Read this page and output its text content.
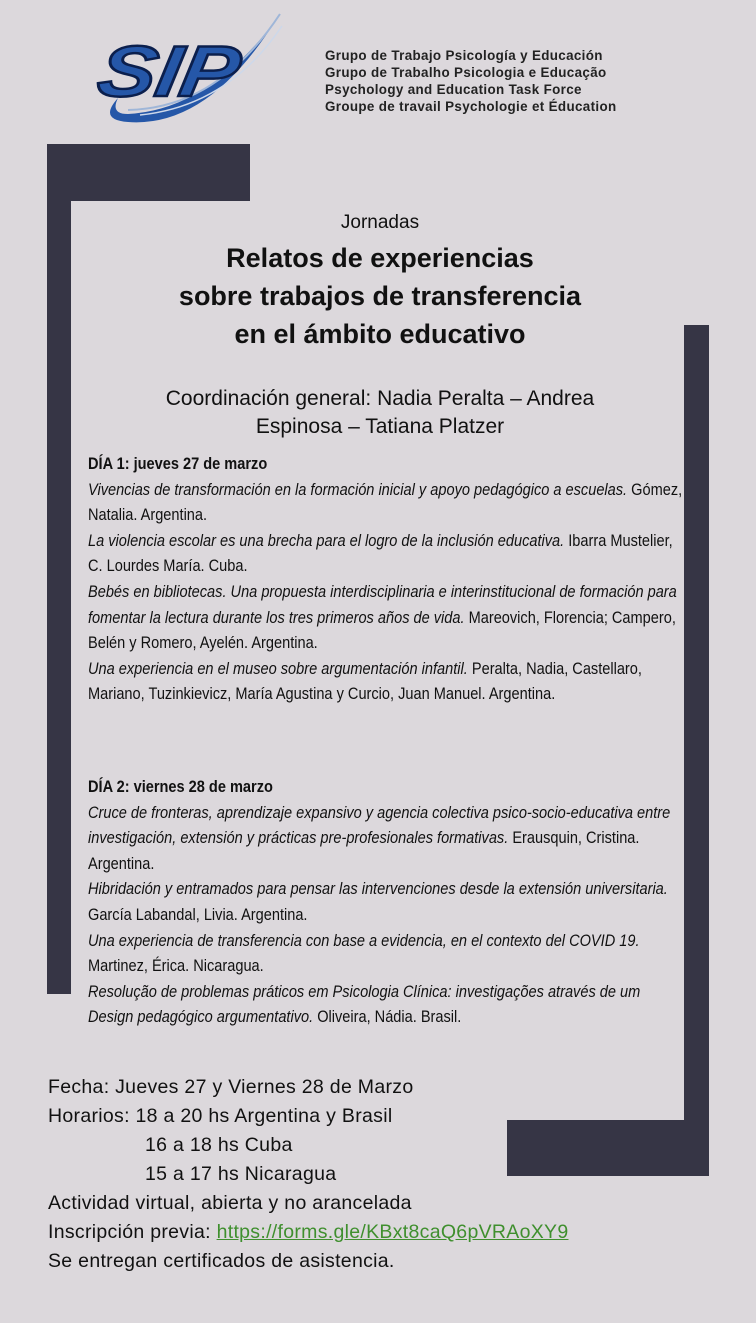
SIP	Grupo de Trabajo Psicología y Educación
Grupo de Trabalho Psicologia e Educação
Psychology and Education Task Force
Groupe de travail Psychologie et Éducation
Jornadas
Relatos de experiencias
sobre trabajos de transferencia
en el ámbito educativo
Coordinación general: Nadia Peralta – Andrea
Espinosa – Tatiana Platzer
DÍA 1: jueves 27 de marzo

Vivencias de transformación en la formación inicial y apoyo pedagógico a escuelas. Gómez, Natalia. Argentina.

La violencia escolar es una brecha para el logro de la inclusión educativa. Ibarra Mustelier, C. Lourdes María. Cuba.

Bebés en bibliotecas. Una propuesta interdisciplinaria e interinstitucional de formación para fomentar la lectura durante los tres primeros años de vida. Mareovich, Florencia; Campero, Belén y Romero, Ayelén. Argentina.

Una experiencia en el museo sobre argumentación infantil. Peralta, Nadia, Castellaro, Mariano, Tuzinkievicz, María Agustina y Curcio, Juan Manuel. Argentina.

DÍA 2: viernes 28 de marzo

Cruce de fronteras, aprendizaje expansivo y agencia colectiva psico-socio-educativa entre investigación, extensión y prácticas pre-profesionales formativas. Erausquin, Cristina. Argentina.

Hibridación y entramados para pensar las intervenciones desde la extensión universitaria. García Labandal, Livia. Argentina.

Una experiencia de transferencia con base a evidencia, en el contexto del COVID 19. Martinez, Érica. Nicaragua.

Resolução de problemas práticos em Psicologia Clínica: investigações através de um Design pedagógico argumentativo. Oliveira, Nádia. Brasil.

Fecha: Jueves 27 y Viernes 28 de Marzo
Horarios: 18 a 20 hs Argentina y Brasil
16 a 18 hs Cuba
15 a 17 hs Nicaragua
Actividad virtual, abierta y no arancelada
Inscripción previa: https://forms.gle/KBxt8caQ6pVRAoXY9
Se entregan certificados de asistencia.
